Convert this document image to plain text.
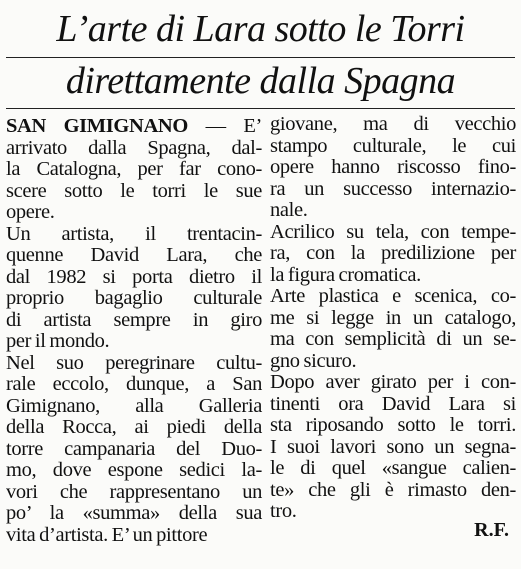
L’arte di Lara sotto le Torri
direttamente dalla Spagna

SAN GIMIGNANO — E’
arrivato dalla Spagna, dal-
la Catalogna, per far cono-
scere sotto le torri le sue
opere.

Un artista, il trentacin-
quenne David Lara, che
dal 1982 si porta dietro il
proprio bagaglio culturale
di artista sempre in giro
per il mondo.

Nel suo peregrinare cultu-
rale eccolo, dunque, a San
Gimignano, alla Galleria
della Rocca, ai piedi della
torre campanaria del Duo-
mo, dove espone sedici la-
vori che rappresentano un
po’ la «summa» della sua
vita d’artista. E’ un pittore

giovane, ma di vecchio
stampo culturale, le cui
opere hanno riscosso fino-
ra un successo internazio-
nale.

Acrilico su tela, con tempe-
ra, con la predilizione per
la figura cromatica.

Arte plastica e scenica, co-
me si legge in un catalogo,
ma con semplicità di un se-
gno sicuro.

Dopo aver girato per i con-
tinenti ora David Lara si
sta riposando sotto le torri.
I suoi lavori sono un segna-
le di quel «sangue calien-
te» che gli è rimasto den-
tro.

R.F.
